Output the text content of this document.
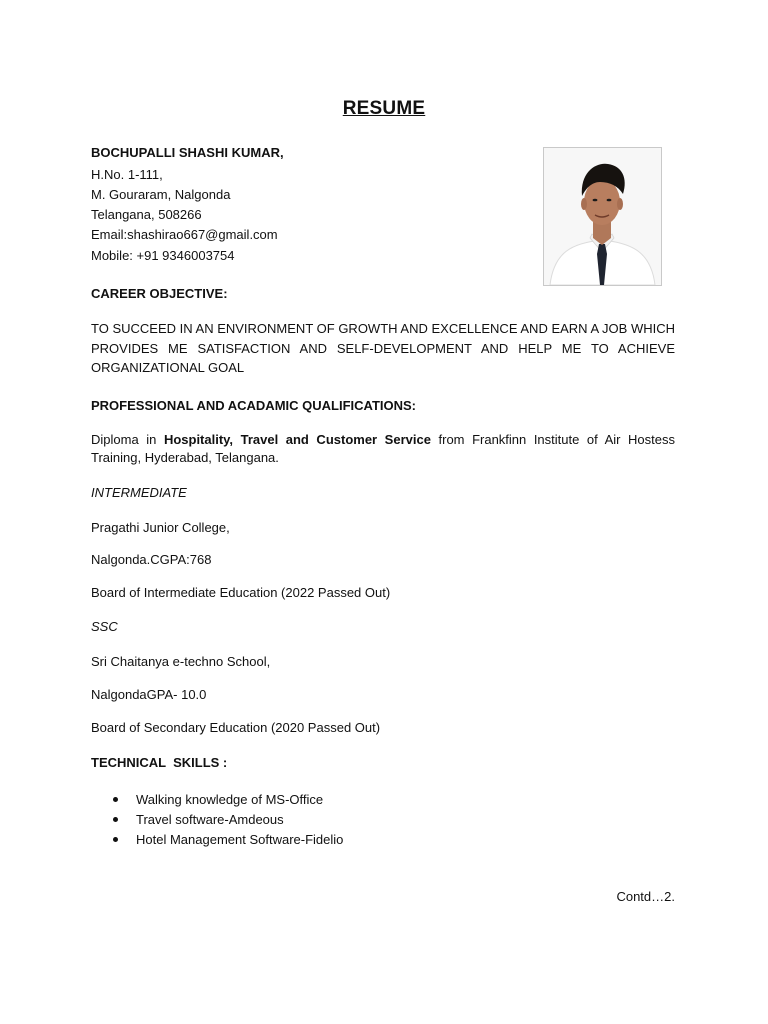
RESUME
BOCHUPALLI SHASHI KUMAR,
H.No. 1-111,
M. Gouraram, Nalgonda
Telangana, 508266
Email:shashirao667@gmail.com
Mobile: +91 9346003754
CAREER OBJECTIVE:
TO SUCCEED IN AN ENVIRONMENT OF GROWTH AND EXCELLENCE AND EARN A JOB WHICH PROVIDES ME SATISFACTION AND SELF-DEVELOPMENT AND HELP ME TO ACHIEVE ORGANIZATIONAL GOAL
PROFESSIONAL AND ACADAMIC QUALIFICATIONS:
Diploma in Hospitality, Travel and Customer Service from Frankfinn Institute of Air Hostess Training, Hyderabad, Telangana.
INTERMEDIATE
Pragathi Junior College,
Nalgonda.CGPA:768
Board of Intermediate Education (2022 Passed Out)
SSC
Sri Chaitanya e-techno School,
NalgondaGPA- 10.0
Board of Secondary Education (2020 Passed Out)
TECHNICAL  SKILLS :
Walking knowledge of MS-Office
Travel software-Amdeous
Hotel Management Software-Fidelio
Contd…2.
